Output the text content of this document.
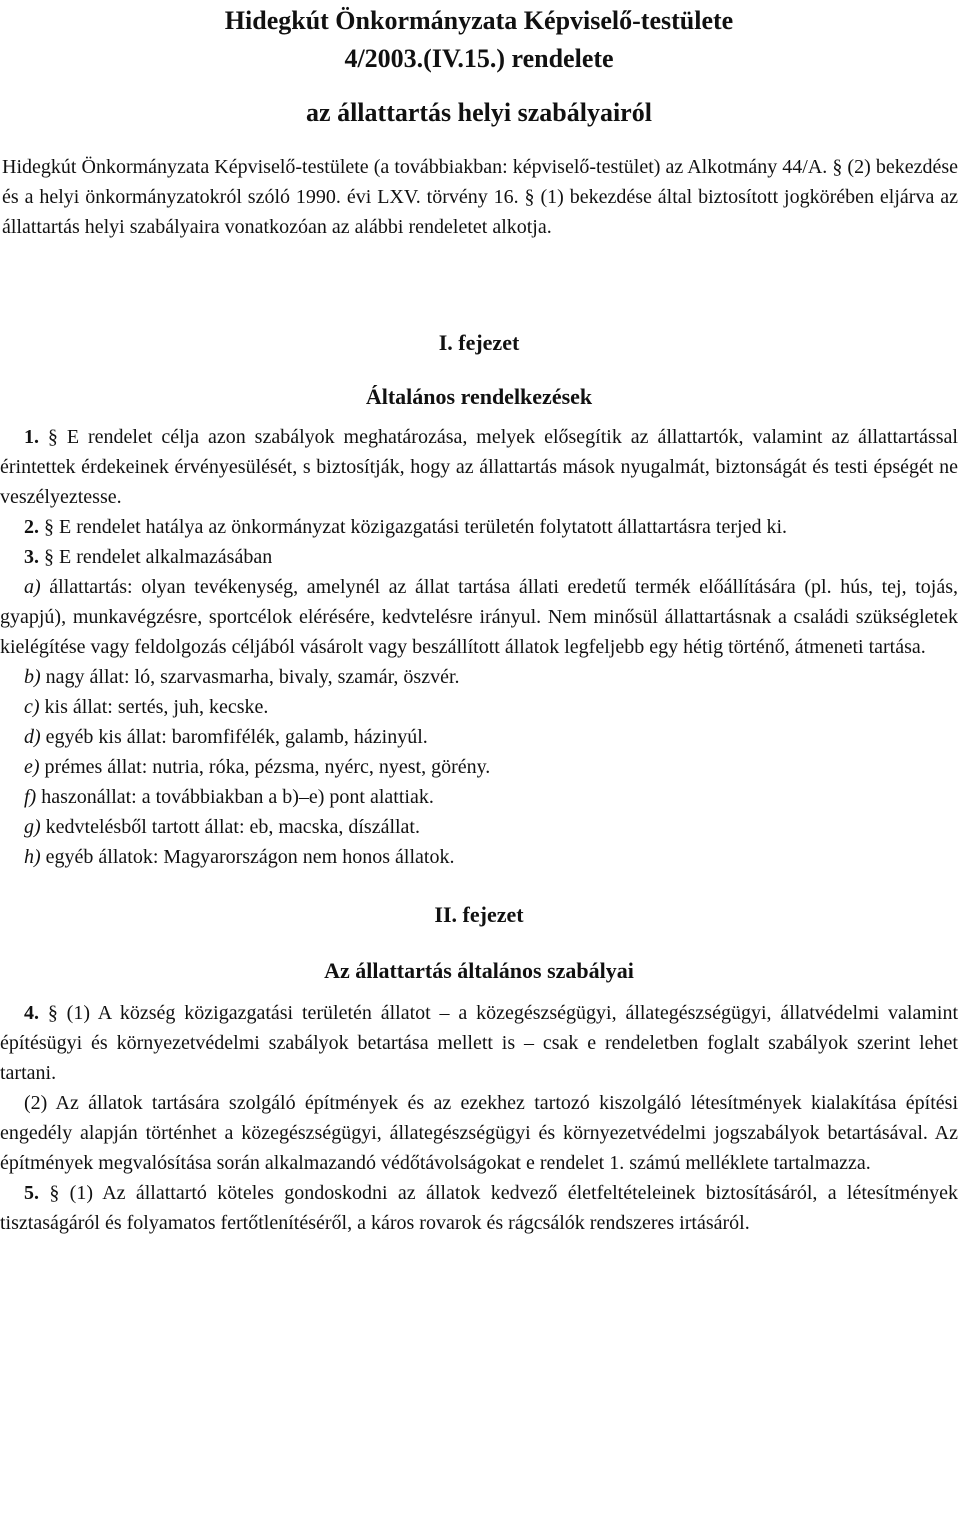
Hidegkút Önkormányzata Képviselő-testülete
4/2003.(IV.15.) rendelete
az állattartás helyi szabályairól

Hidegkút Önkormányzata Képviselő-testülete (a továbbiakban: képviselő-testület) az Alkotmány 44/A. § (2) bekezdése és a helyi önkormányzatokról szóló 1990. évi LXV. törvény 16. § (1) bekezdése által biztosított jogkörében eljárva az állattartás helyi szabályaira vonatkozóan az alábbi rendeletet alkotja.

I. fejezet
Általános rendelkezések

1. § E rendelet célja azon szabályok meghatározása, melyek elősegítik az állattartók, valamint az állattartással érintettek érdekeinek érvényesülését, s biztosítják, hogy az állattartás mások nyugalmát, biztonságát és testi épségét ne veszélyeztesse.

2. § E rendelet hatálya az önkormányzat közigazgatási területén folytatott állattartásra terjed ki.

3. § E rendelet alkalmazásában

a) állattartás: olyan tevékenység, amelynél az állat tartása állati eredetű termék előállítására (pl. hús, tej, tojás, gyapjú), munkavégzésre, sportcélok elérésére, kedvtelésre irányul. Nem minősül állattartásnak a családi szükségletek kielégítése vagy feldolgozás céljából vásárolt vagy beszállított állatok legfeljebb egy hétig történő, átmeneti tartása.

b) nagy állat: ló, szarvasmarha, bivaly, szamár, öszvér.

c) kis állat: sertés, juh, kecske.

d) egyéb kis állat: baromfifélék, galamb, házinyúl.

e) prémes állat: nutria, róka, pézsma, nyérc, nyest, görény.

f) haszonállat: a továbbiakban a b)–e) pont alattiak.

g) kedvtelésből tartott állat: eb, macska, díszállat.

h) egyéb állatok: Magyarországon nem honos állatok.

II. fejezet
Az állattartás általános szabályai

4. § (1) A község közigazgatási területén állatot – a közegészségügyi, állategészségügyi, állatvédelmi valamint építésügyi és környezetvédelmi szabályok betartása mellett is – csak e rendeletben foglalt szabályok szerint lehet tartani.

(2) Az állatok tartására szolgáló építmények és az ezekhez tartozó kiszolgáló létesítmények kialakítása építési engedély alapján történhet a közegészségügyi, állategészségügyi és környezetvédelmi jogszabályok betartásával. Az építmények megvalósítása során alkalmazandó védőtávolságokat e rendelet 1. számú melléklete tartalmazza.

5. § (1) Az állattartó köteles gondoskodni az állatok kedvező életfeltételeinek biztosításáról, a létesítmények tisztaságáról és folyamatos fertőtlenítéséről, a káros rovarok és rágcsálók rendszeres irtásáról.
